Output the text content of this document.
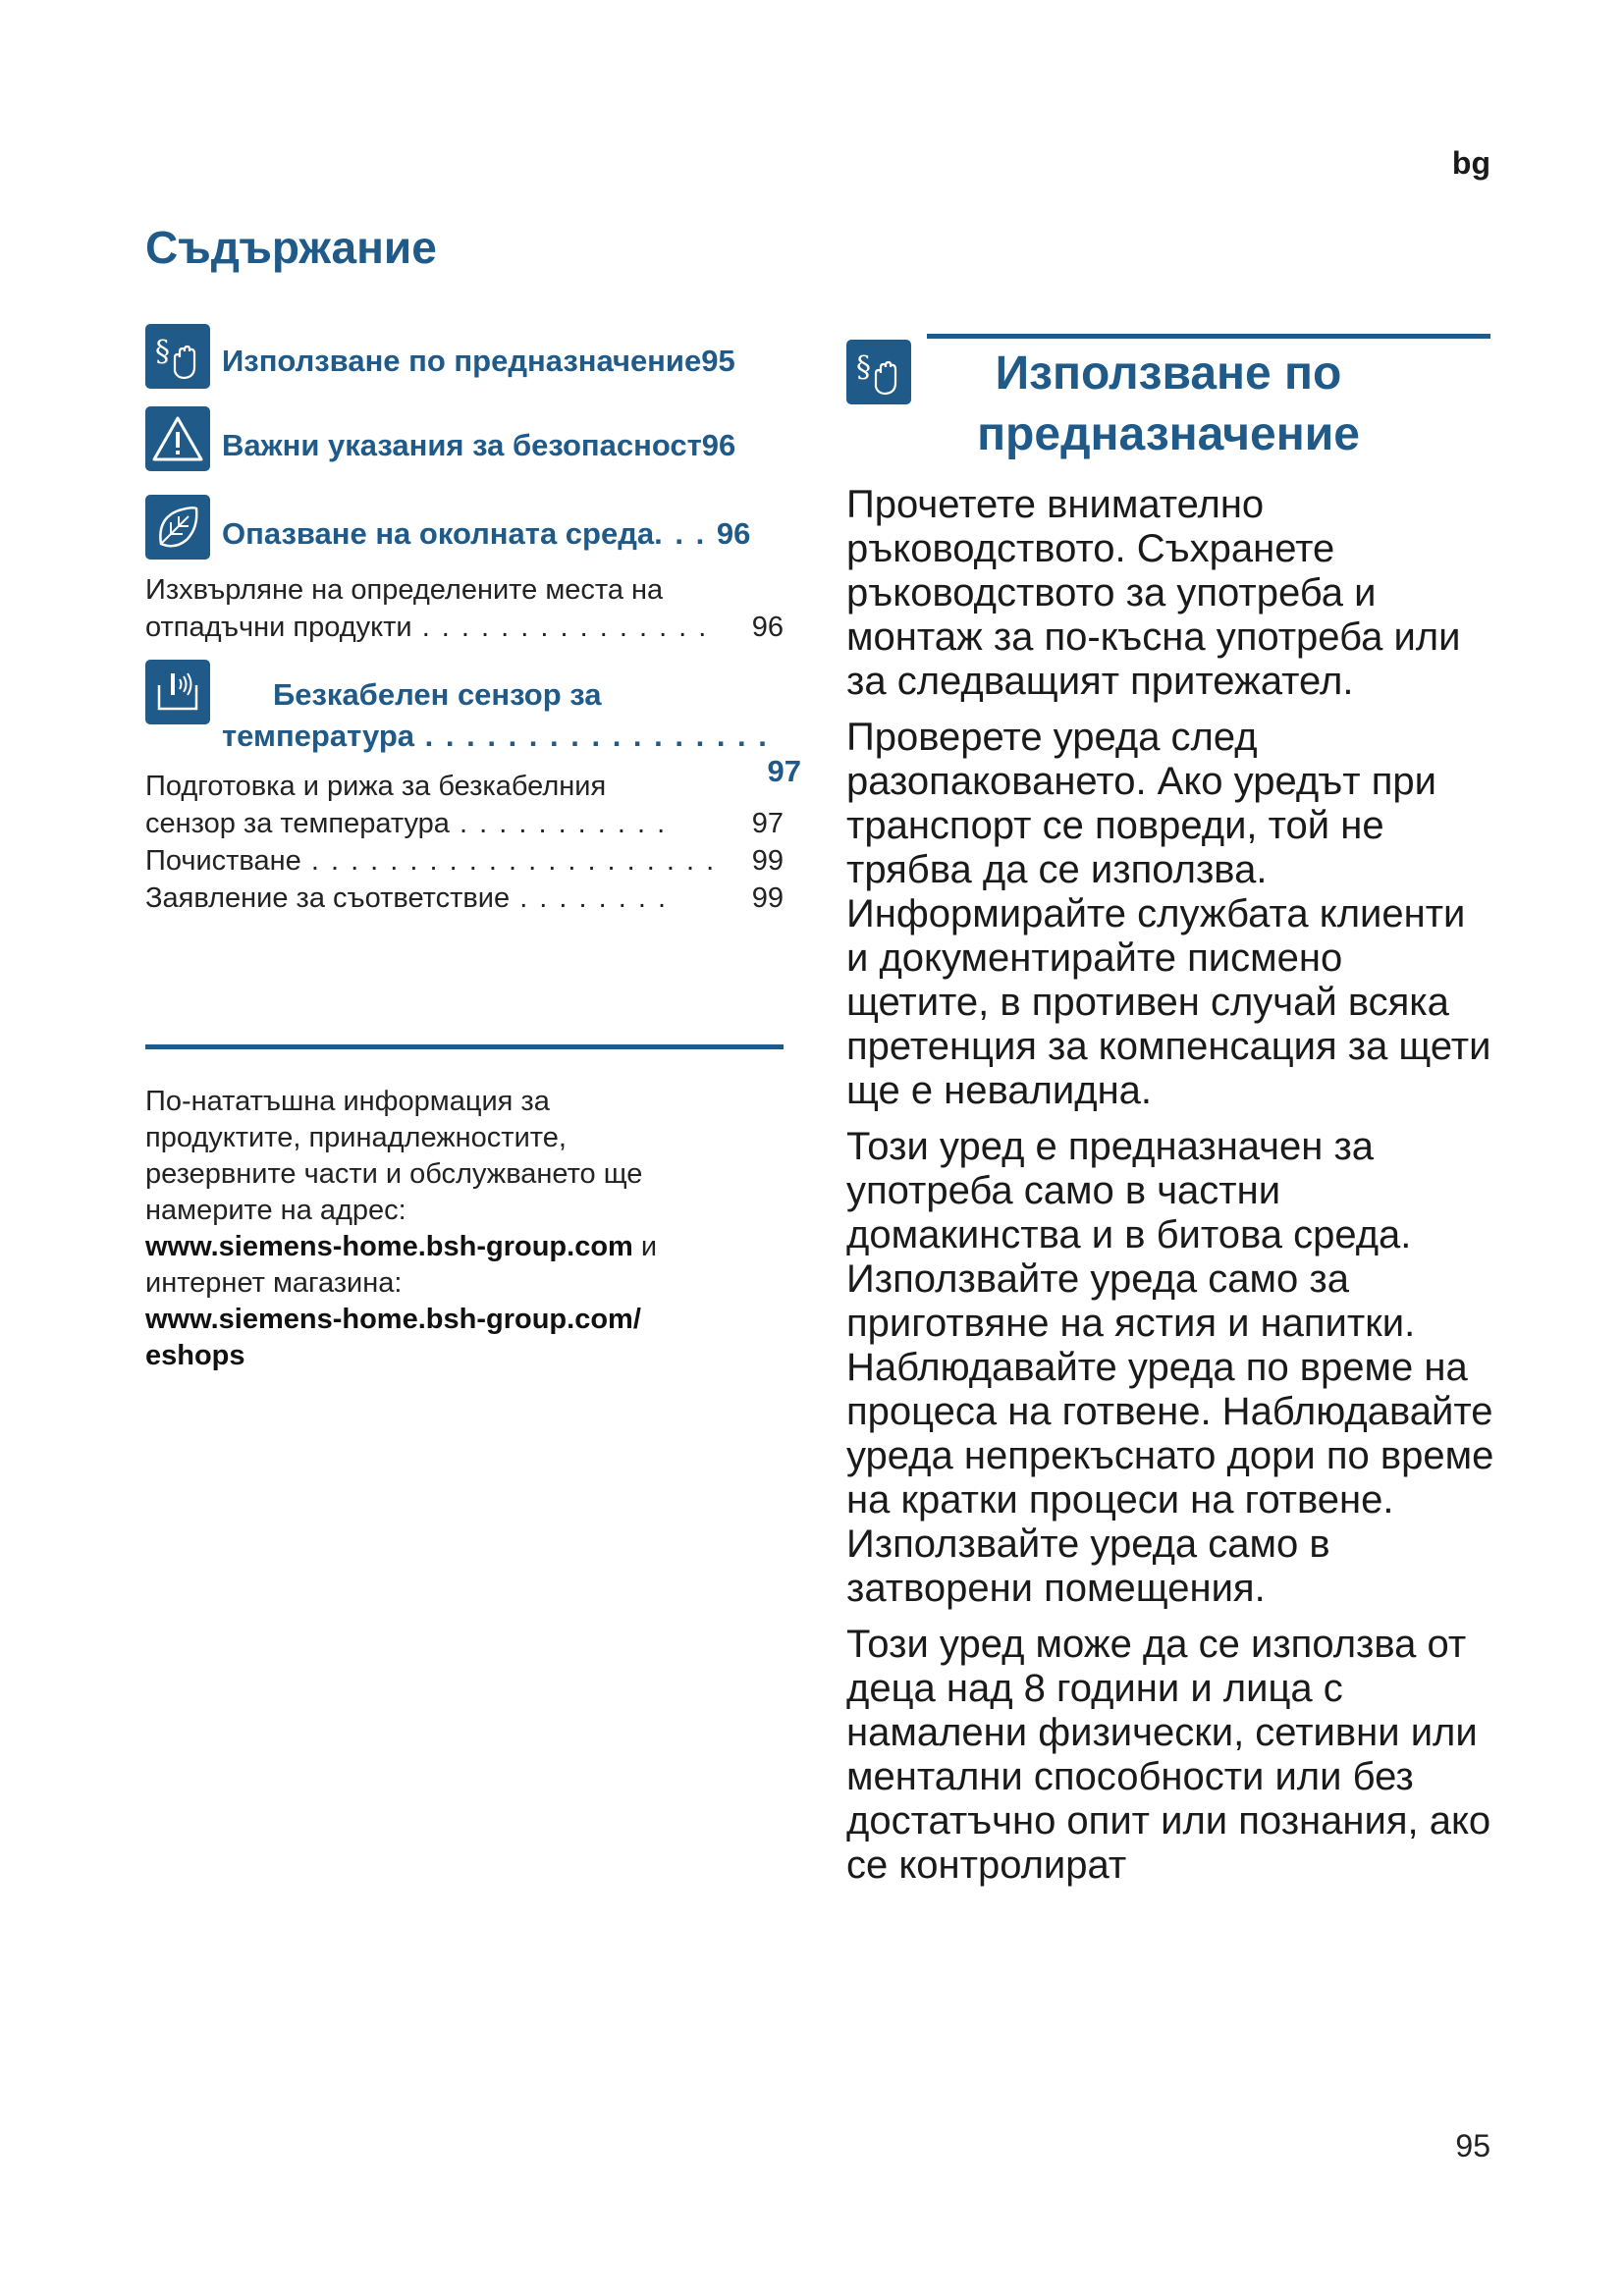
bg
Съдържание
§ Използване по предназначение95
Важни указания за безопасност96
Опазване на околната среда. . . 96
Изхвърляне на определените места на
отпадъчни продукти . . . . . . . . . . . . . . . 96
Безкабелен сензор за
температура . . . . . . . . . . . . . . . . .
97
Подготовка и рижа за безкабелния
сензор за температура . . . . . . . . . . .	97
Почистване . . . . . . . . . . . . . . . . . . . . . 99
Заявление за съответствие . . . . . . . .	99
По-нататъшна информация за
продуктите, принадлежностите,
резервните части и обслужването ще
намерите на адрес:
www.siemens-home.bsh-group.com и
интернет магазина:
www.siemens-home.bsh-group.com/
eshops
§	Използване по
предназначение

Прочетете внимателно ръководството. Съхранете ръководството за употреба и монтаж за по-късна употреба или за следващият притежател.

Проверете уреда след разопаковането. Ако уредът при транспорт се повреди, той не трябва да се използва. Информирайте службата клиенти и документирайте писмено щетите, в противен случай всяка претенция за компенсация за щети ще е невалидна.

Този уред е предназначен за употреба само в частни домакинства и в битова среда. Използвайте уреда само за приготвяне на ястия и напитки. Наблюдавайте уреда по време на процеса на готвене. Наблюдавайте уреда непрекъснато дори по време на кратки процеси на готвене. Използвайте уреда само в затворени помещения.

Този уред може да се използва от деца над 8 години и лица с намалени физически, сетивни или ментални способности или без достатъчно опит или познания, ако се контролират

95
